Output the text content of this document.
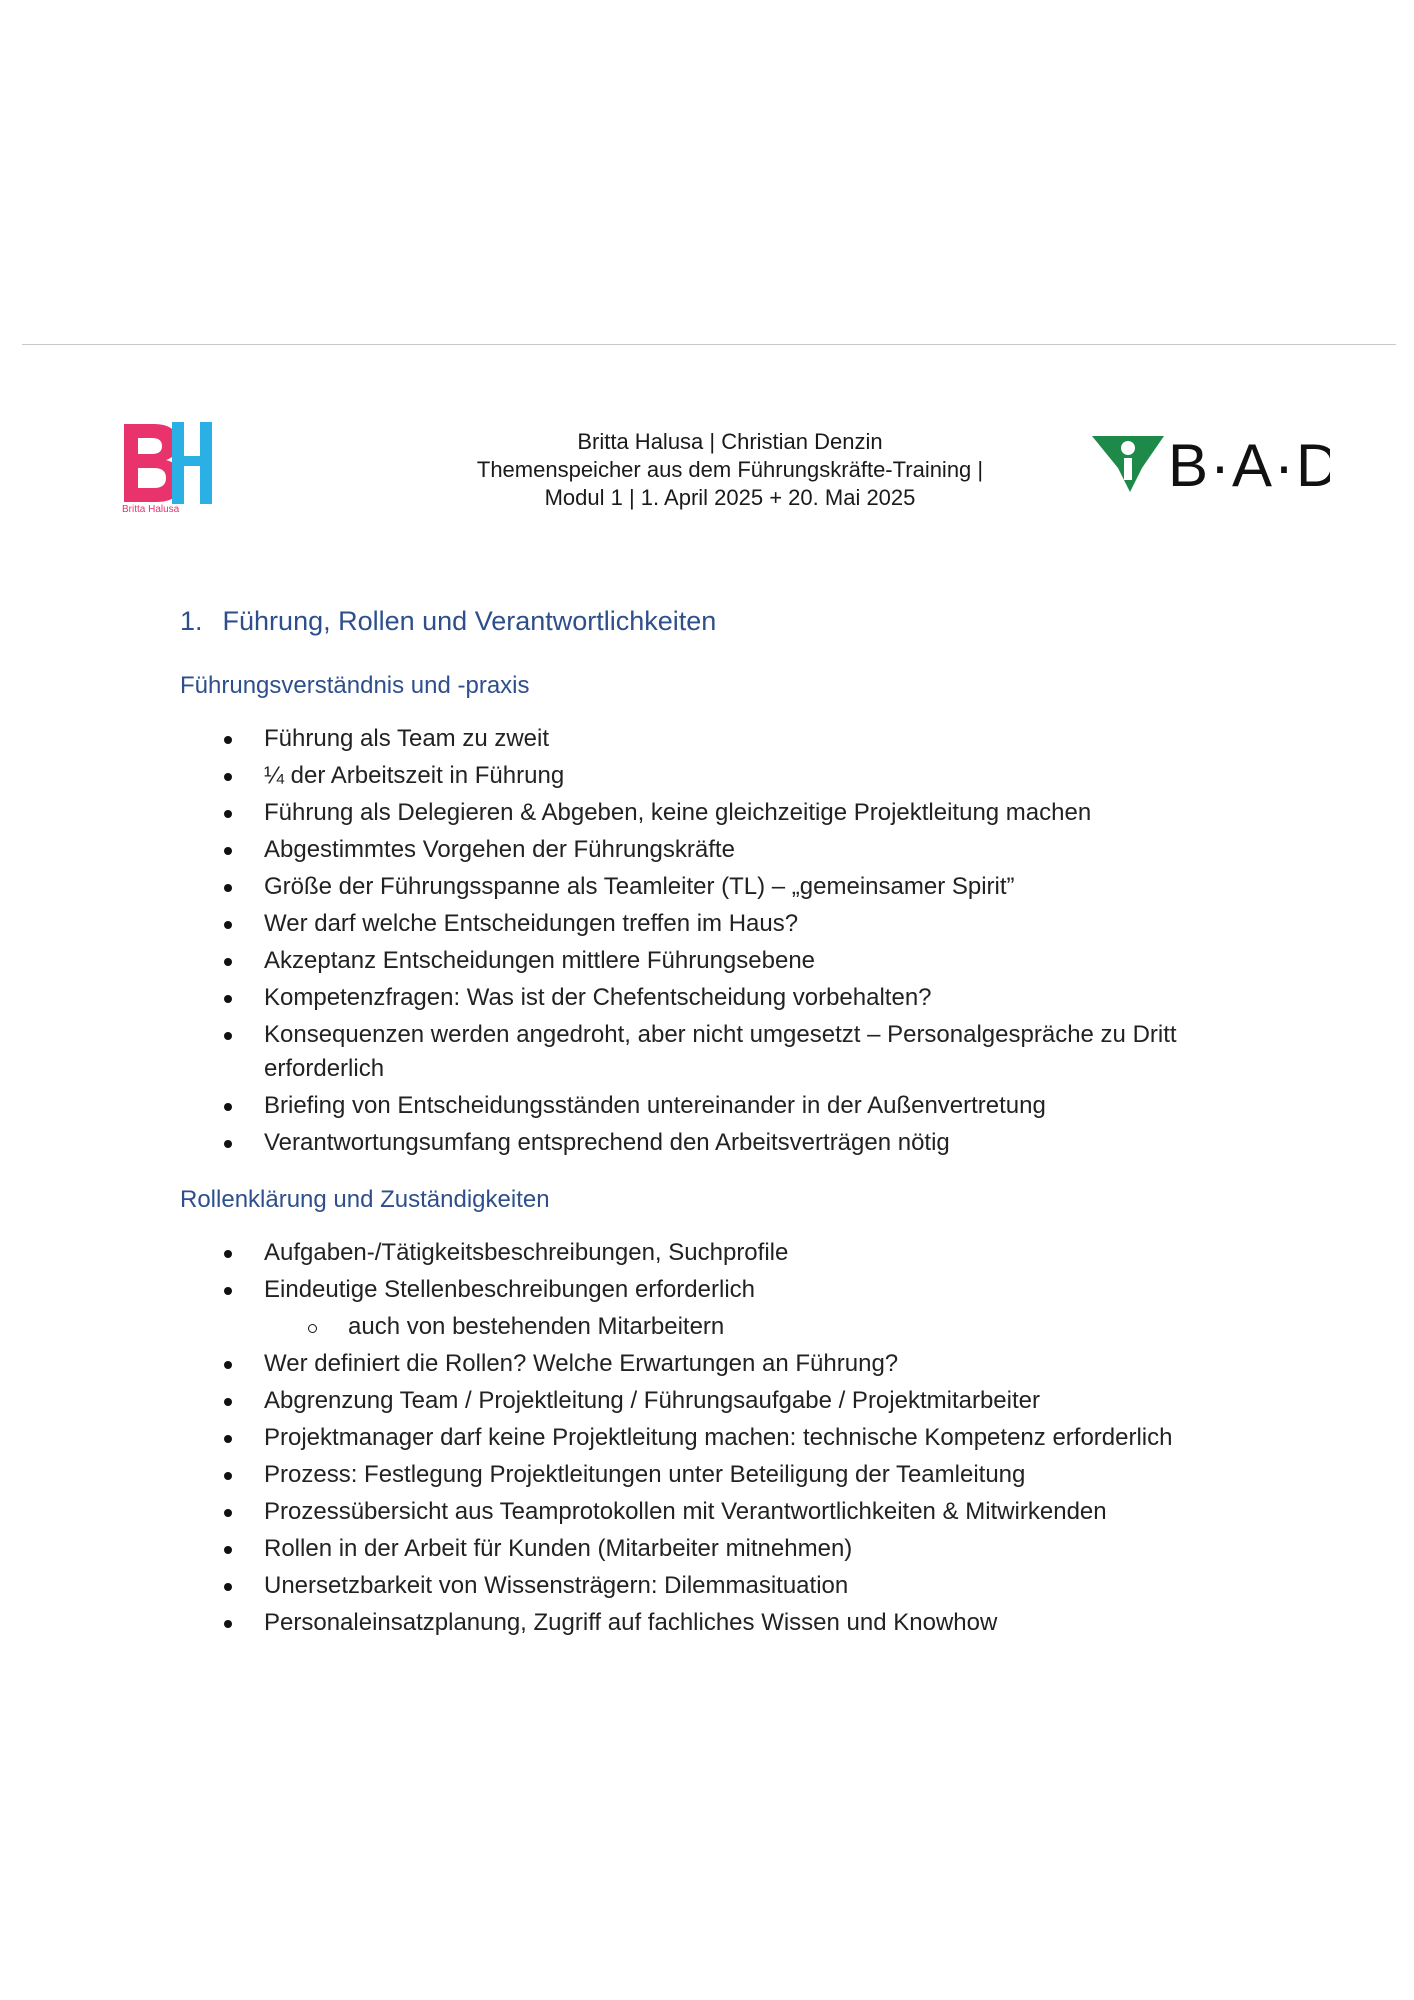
Britta Halusa
Britta Halusa | Christian Denzin
Themenspeicher aus dem Führungskräfte-Training |
Modul 1 | 1. April 2025 + 20. Mai 2025	B·A·D
1. Führung, Rollen und Verantwortlichkeiten
Führungsverständnis und -praxis
Führung als Team zu zweit
¼ der Arbeitszeit in Führung
Führung als Delegieren & Abgeben, keine gleichzeitige Projektleitung machen
Abgestimmtes Vorgehen der Führungskräfte
Größe der Führungsspanne als Teamleiter (TL) – „gemeinsamer Spirit”
Wer darf welche Entscheidungen treffen im Haus?
Akzeptanz Entscheidungen mittlere Führungsebene
Kompetenzfragen: Was ist der Chefentscheidung vorbehalten?
Konsequenzen werden angedroht, aber nicht umgesetzt – Personalgespräche zu Dritt erforderlich
Briefing von Entscheidungsständen untereinander in der Außenvertretung
Verantwortungsumfang entsprechend den Arbeitsverträgen nötig
Rollenklärung und Zuständigkeiten
Aufgaben-/Tätigkeitsbeschreibungen, Suchprofile
Eindeutige Stellenbeschreibungen erforderlich
auch von bestehenden Mitarbeitern
Wer definiert die Rollen? Welche Erwartungen an Führung?
Abgrenzung Team / Projektleitung / Führungsaufgabe / Projektmitarbeiter
Projektmanager darf keine Projektleitung machen: technische Kompetenz erforderlich
Prozess: Festlegung Projektleitungen unter Beteiligung der Teamleitung
Prozessübersicht aus Teamprotokollen mit Verantwortlichkeiten & Mitwirkenden
Rollen in der Arbeit für Kunden (Mitarbeiter mitnehmen)
Unersetzbarkeit von Wissensträgern: Dilemmasituation
Personaleinsatzplanung, Zugriff auf fachliches Wissen und Knowhow
